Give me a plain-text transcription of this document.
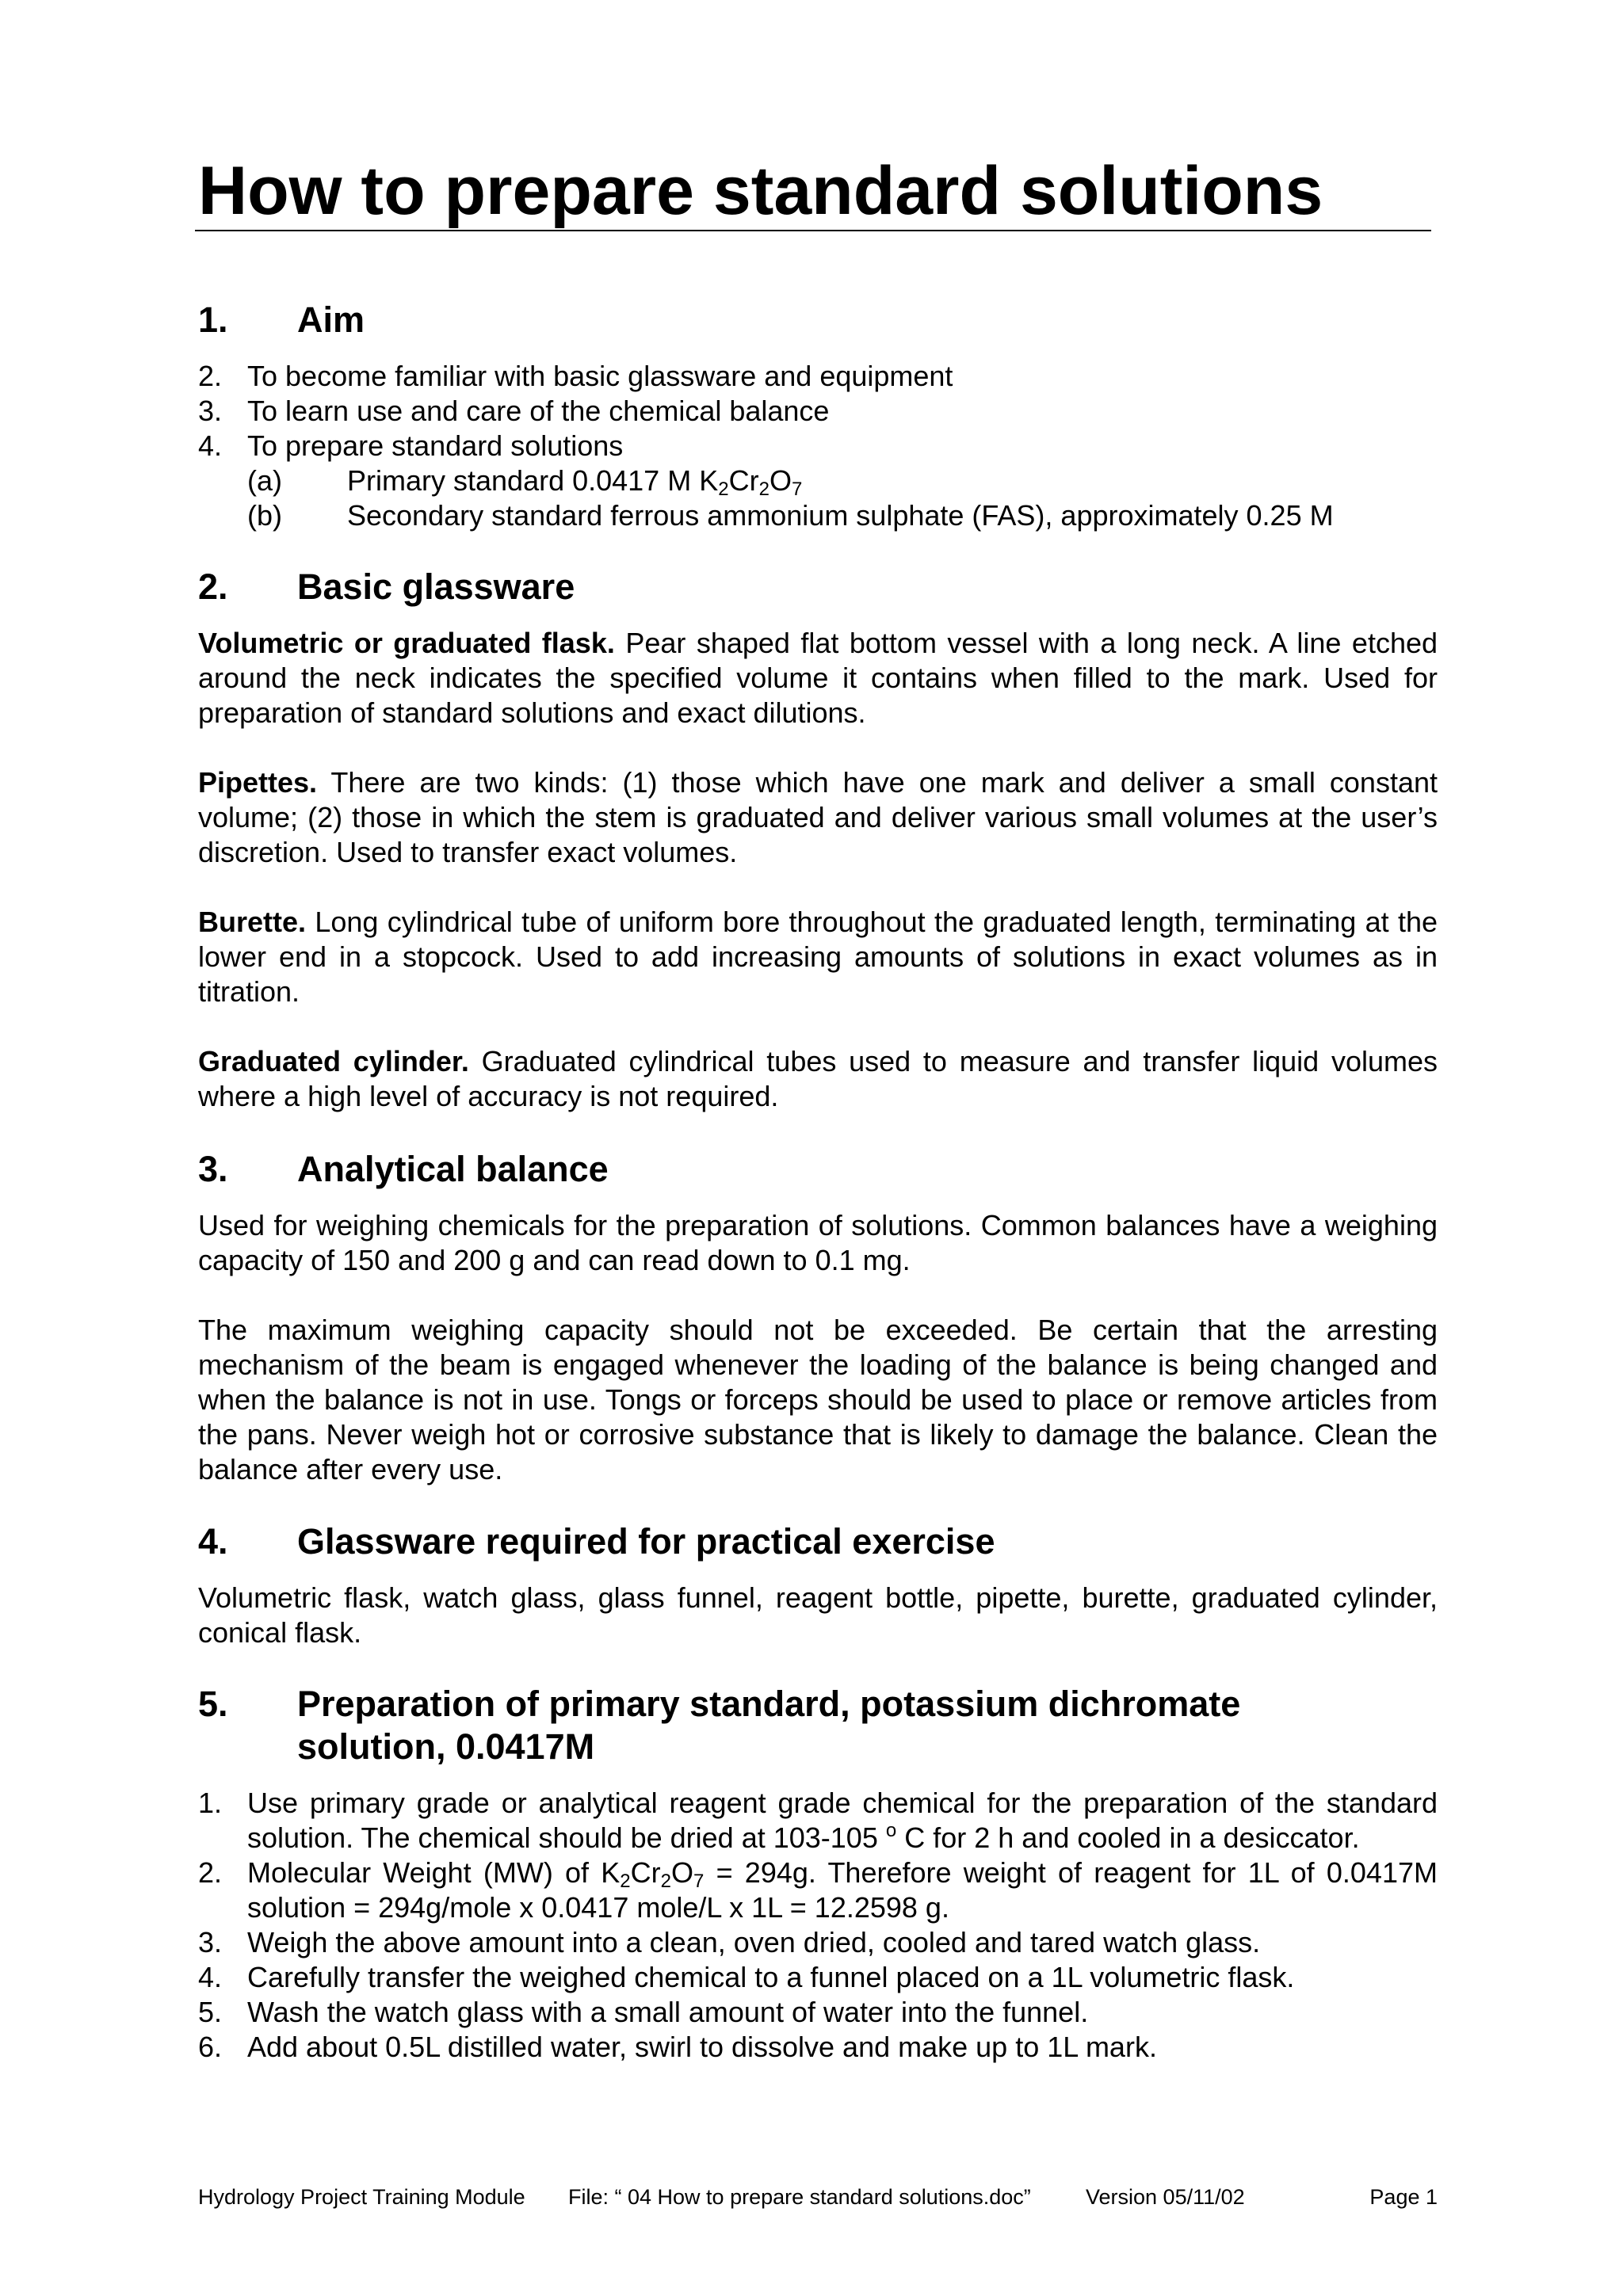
How to prepare standard solutions
1. Aim
2. To become familiar with basic glassware and equipment
3. To learn use and care of the chemical balance
4. To prepare standard solutions
(a) Primary standard 0.0417 M $K_2Cr_2O_7$
(b) Secondary standard ferrous ammonium sulphate (FAS), approximately 0.25 M
2. Basic glassware

Volumetric or graduated flask. Pear shaped flat bottom vessel with a long neck. A line etched around the neck indicates the specified volume it contains when filled to the mark. Used for preparation of standard solutions and exact dilutions.

Pipettes. There are two kinds: (1) those which have one mark and deliver a small constant volume; (2) those in which the stem is graduated and deliver various small volumes at the user’s discretion. Used to transfer exact volumes.

Burette. Long cylindrical tube of uniform bore throughout the graduated length, terminating at the lower end in a stopcock. Used to add increasing amounts of solutions in exact volumes as in titration.

Graduated cylinder. Graduated cylindrical tubes used to measure and transfer liquid volumes where a high level of accuracy is not required.

3. Analytical balance

Used for weighing chemicals for the preparation of solutions. Common balances have a weighing capacity of 150 and 200 g and can read down to 0.1 mg.

The maximum weighing capacity should not be exceeded. Be certain that the arresting mechanism of the beam is engaged whenever the loading of the balance is being changed and when the balance is not in use. Tongs or forceps should be used to place or remove articles from the pans. Never weigh hot or corrosive substance that is likely to damage the balance. Clean the balance after every use.

4. Glassware required for practical exercise

Volumetric flask, watch glass, glass funnel, reagent bottle, pipette, burette, graduated cylinder, conical flask.

5. Preparation of primary standard, potassium dichromate
solution, 0.0417M
1. Use primary grade or analytical reagent grade chemical for the preparation of the standard solution. The chemical should be dried at 103-105 $^o$ C for 2 h and cooled in a desiccator.
2. Molecular Weight (MW) of $K_2Cr_2O_7 = 294g$. Therefore weight of reagent for 1L of 0.0417M solution = 294g/mole x 0.0417 mole/L x 1L = 12.2598 g.
3. Weigh the above amount into a clean, oven dried, cooled and tared watch glass.
4. Carefully transfer the weighed chemical to a funnel placed on a 1L volumetric flask.
5. Wash the watch glass with a small amount of water into the funnel.
6. Add about 0.5L distilled water, swirl to dissolve and make up to 1L mark.
Hydrology Project Training Module File: “ 04 How to prepare standard solutions.doc”	Version 05/11/02	Page 1
